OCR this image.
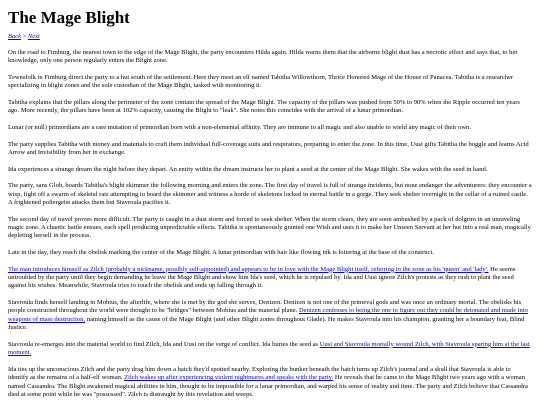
The Mage Blight
Back > Next

On the road to Fimburg, the nearest town to the edge of the Mage Blight, the party encounters Hilda again. Hilda warns them that the airborne blight dust has a necrotic effect and says that, to her knowledge, only one person regularly enters the Blight zone.

Townsfolk in Fimburg direct the party to a hut south of the settlement. Here they meet an elf named Tabitha Willowthorn, Thrice Honored Mage of the House of Panacea. Tabitha is a researcher specializing in blight zones and the sole custodian of the Mage Blight, tasked with monitoring it.

Tabitha explains that the pillars along the perimeter of the zone contain the spread of the Mage Blight. The capacity of the pillars was pushed from 50% to 90% when the Ripple occurred ten years ago. More recently, the pillars have been at 102% capacity, causing the Blight to "leak". She notes this coincides with the arrival of a lunar primordian.

Lunar (or null) primordians are a rare mutation of primordian born with a non-elemental affinity. They are immune to all magic and also unable to wield any magic of their own.

The party supplies Tabitha with money and materials to craft them individual full-coverage suits and respirators, preparing to enter the zone. In this time, Uusi gifts Tabitha the boggle and learns Acid Arrow and Invisibility from her in exchange.

Ida experiences a strange dream the night before they depart. An entity within the dream instructs her to plant a seed at the center of the Mage Blight. She wakes with the seed in hand.

The party, sans Glob, boards Tabitha's blight skimmer the following morning and enters the zone. The first day of travel is full of strange incidents, but none endanger the adventurers: they encounter a wisp, fight off a swarm of skeletal rats attempting to board the skimmer and witness a horde of skeletons locked in eternal battle in a gorge. They seek shelter overnight in the cellar of a ruined castle. A frightened poltergeist attacks them but Stavroula pacifies it.

The second day of travel proves more difficult. The party is caught in a dust storm and forced to seek shelter. When the storm clears, they are soon ambushed by a pack of dolgrim in an unraveling magic zone. A chaotic battle ensues, each spell producing unpredictable effects. Tabitha is spontaneously granted one Wish and uses it to make her Unseen Servant at her hut into a real man, magically depleting herself in the process.

Late in the day, they reach the obelisk marking the center of the Mage Blight. A lunar primordian with hair like flowing ink is loitering at the base of the construct.

The man introduces himself as Zilch (probably a nickname, possibly self-appointed) and appears to be in love with the Mage Blight itself, referring to the zone as his 'queen' and 'lady'. He seems untroubled by the party until they begin demanding he leave the Mage Blight and show him Ida's seed, which he is repulsed by. Ida and Uusi ignore Zilch's protests as they rush to plant the seed against his wishes. Meanwhile, Stavroula tries to touch the obelisk and ends up falling through it.

Stavroula finds herself landing in Mobius, the afterlife, where she is met by the god she serves, Denizen. Denizen is not one of the primeval gods and was once an ordinary mortal. The obelisks his people constructed throughout the world were thought to be "bridges" between Mobius and the material plane. Denizen confesses to being the one to figure out they could be detonated and made into weapons of mass destruction, naming himself as the cause of the Mage Blight (and other Blight zones throughout Glade). He makes Stavroula into his champion, granting her a boundary feat, Blind Justice.

Stavroula re-emerges into the material world to find Zilch, Ida and Uusi on the verge of conflict. Ida buries the seed as Uusi and Stavroula mortally wound Zilch, with Stavroula sparing him at the last moment.

Ida ties up the unconscious Zilch and the party drag him down a hatch they'd spotted nearby. Exploring the bunker beneath the hatch turns up Zilch's journal and a skull that Stavroula is able to identify as the remains of a half-elf woman. Zilch wakes up after experiencing violent nightmares and speaks with the party. He reveals that he came to the Mage Blight two years ago with a woman named Cassandra. The Blight awakened magical abilities in him, thought to be impossible for a lunar primordian, and warped his sense of reality and time. The party and Zilch believe that Cassandra died at some point while he was "possessed". Zilch is distraught by this revelation and weeps.
